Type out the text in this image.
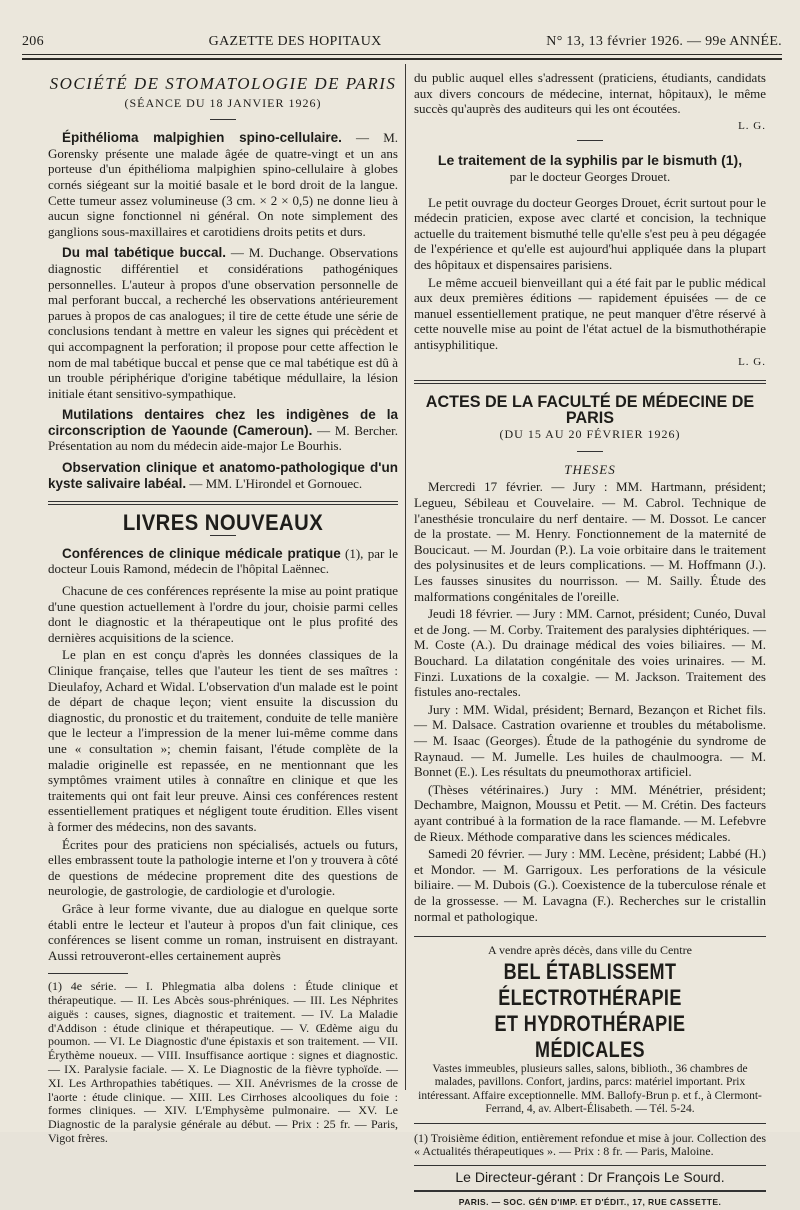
206	GAZETTE DES HOPITAUX	N° 13, 13 février 1926. — 99e ANNÉE.
SOCIÉTÉ DE STOMATOLOGIE DE PARIS
(SÉANCE DU 18 JANVIER 1926)

Épithélioma malpighien spino-cellulaire. — M. Gorensky présente une malade âgée de quatre-vingt et un ans porteuse d'un épithélioma malpighien spino-cellulaire à globes cornés siégeant sur la moitié basale et le bord droit de la langue. Cette tumeur assez volumineuse (3 cm. × 2 × 0,5) ne donne lieu à aucun signe fonctionnel ni général. On note simplement des ganglions sous-maxillaires et carotidiens droits petits et durs.

Du mal tabétique buccal. — M. Duchange. Observations diagnostic différentiel et considérations pathogéniques personnelles. L'auteur à propos d'une observation personnelle de mal perforant buccal, a recherché les observations antérieurement parues à propos de cas analogues; il tire de cette étude une série de conclusions tendant à mettre en valeur les signes qui précèdent et qui accompagnent la perforation; il propose pour cette affection le nom de mal tabétique buccal et pense que ce mal tabétique est dû à un trouble périphérique d'origine tabétique médullaire, la lésion initiale étant sensitivo-sympathique.

Mutilations dentaires chez les indigènes de la circonscription de Yaounde (Cameroun). — M. Bercher. Présentation au nom du médecin aide-major Le Bourhis.

Observation clinique et anatomo-pathologique d'un kyste salivaire labéal. — MM. L'Hirondel et Gornouec.

LIVRES NOUVEAUX

Conférences de clinique médicale pratique (1), par le docteur Louis Ramond, médecin de l'hôpital Laënnec.

Chacune de ces conférences représente la mise au point pratique d'une question actuellement à l'ordre du jour, choisie parmi celles dont le diagnostic et la thérapeutique ont le plus profité des dernières acquisitions de la science.

Le plan en est conçu d'après les données classiques de la Clinique française, telles que l'auteur les tient de ses maîtres : Dieulafoy, Achard et Widal. L'observation d'un malade est le point de départ de chaque leçon; vient ensuite la discussion du diagnostic, du pronostic et du traitement, conduite de telle manière que le lecteur a l'impression de la mener lui-même comme dans une « consultation »; chemin faisant, l'étude complète de la maladie originelle est repassée, en ne mentionnant que les symptômes vraiment utiles à connaître en clinique et que les traitements qui ont fait leur preuve. Ainsi ces conférences restent essentiellement pratiques et négligent toute érudition. Elles visent à former des médecins, non des savants.

Écrites pour des praticiens non spécialisés, actuels ou futurs, elles embrassent toute la pathologie interne et l'on y trouvera à côté de questions de médecine proprement dite des questions de neurologie, de gastrologie, de cardiologie et d'urologie.

Grâce à leur forme vivante, due au dialogue en quelque sorte établi entre le lecteur et l'auteur à propos d'un fait clinique, ces conférences se lisent comme un roman, instruisent en distrayant. Aussi retrouveront-elles certainement auprès

(1) 4e série. — I. Phlegmatia alba dolens : Étude clinique et thérapeutique. — II. Les Abcès sous-phréniques. — III. Les Néphrites aiguës : causes, signes, diagnostic et traitement. — IV. La Maladie d'Addison : étude clinique et thérapeutique. — V. Œdème aigu du poumon. — VI. Le Diagnostic d'une épistaxis et son traitement. — VII. Érythème noueux. — VIII. Insuffisance aortique : signes et diagnostic. — IX. Paralysie faciale. — X. Le Diagnostic de la fièvre typhoïde. — XI. Les Arthropathies tabétiques. — XII. Anévrismes de la crosse de l'aorte : étude clinique. — XIII. Les Cirrhoses alcooliques du foie : formes cliniques. — XIV. L'Emphysème pulmonaire. — XV. Le Diagnostic de la paralysie générale au début. — Prix : 25 fr. — Paris, Vigot frères.

du public auquel elles s'adressent (praticiens, étudiants, candidats aux divers concours de médecine, internat, hôpitaux), le même succès qu'auprès des auditeurs qui les ont écoutées.

L. G.
Le traitement de la syphilis par le bismuth (1),
par le docteur Georges Drouet.

Le petit ouvrage du docteur Georges Drouet, écrit surtout pour le médecin praticien, expose avec clarté et concision, la technique actuelle du traitement bismuthé telle qu'elle s'est peu à peu dégagée de l'expérience et qu'elle est aujourd'hui appliquée dans la plupart des hôpitaux et dispensaires parisiens.

Le même accueil bienveillant qui a été fait par le public médical aux deux premières éditions — rapidement épuisées — de ce manuel essentiellement pratique, ne peut manquer d'être réservé à cette nouvelle mise au point de l'état actuel de la bismuthothérapie antisyphilitique.

L. G.
ACTES DE LA FACULTÉ DE MÉDECINE DE PARIS
(DU 15 AU 20 FÉVRIER 1926)
THESES

Mercredi 17 février. — Jury : MM. Hartmann, président; Legueu, Sébileau et Couvelaire. — M. Cabrol. Technique de l'anesthésie tronculaire du nerf dentaire. — M. Dossot. Le cancer de la prostate. — M. Henry. Fonctionnement de la maternité de Boucicaut. — M. Jourdan (P.). La voie orbitaire dans le traitement des polysinusites et de leurs complications. — M. Hoffmann (J.). Les fausses sinusites du nourrisson. — M. Sailly. Étude des malformations congénitales de l'oreille.

Jeudi 18 février. — Jury : MM. Carnot, président; Cunéo, Duval et de Jong. — M. Corby. Traitement des paralysies diphtériques. — M. Coste (A.). Du drainage médical des voies biliaires. — M. Bouchard. La dilatation congénitale des voies urinaires. — M. Finzi. Luxations de la coxalgie. — M. Jackson. Traitement des fistules ano-rectales.

Jury : MM. Widal, président; Bernard, Bezançon et Richet fils. — M. Dalsace. Castration ovarienne et troubles du métabolisme. — M. Isaac (Georges). Étude de la pathogénie du syndrome de Raynaud. — M. Jumelle. Les huiles de chaulmoogra. — M. Bonnet (E.). Les résultats du pneumothorax artificiel.

(Thèses vétérinaires.) Jury : MM. Ménétrier, président; Dechambre, Maignon, Moussu et Petit. — M. Crétin. Des facteurs ayant contribué à la formation de la race flamande. — M. Lefebvre de Rieux. Méthode comparative dans les sciences médicales.

Samedi 20 février. — Jury : MM. Lecène, président; Labbé (H.) et Mondor. — M. Garrigoux. Les perforations de la vésicule biliaire. — M. Dubois (G.). Coexistence de la tuberculose rénale et de la grossesse. — M. Lavagna (F.). Recherches sur le cristallin normal et pathologique.

A vendre après décès, dans ville du Centre
BEL ÉTABLISSEMT ÉLECTROTHÉRAPIE
ET HYDROTHÉRAPIE MÉDICALES
Vastes immeubles, plusieurs salles, salons, biblioth., 36 chambres de malades, pavillons. Confort, jardins, parcs: matériel important. Prix intéressant. Affaire exceptionnelle. MM. Ballofy-Brun p. et f., à Clermont-Ferrand, 4, av. Albert-Élisabeth. — Tél. 5-24.
(1) Troisième édition, entièrement refondue et mise à jour. Collection des « Actualités thérapeutiques ». — Prix : 8 fr. — Paris, Maloine.
Le Directeur-gérant : Dr François Le Sourd.
PARIS. — SOC. GÉN D'IMP. ET D'ÉDIT., 17, RUE CASSETTE.
